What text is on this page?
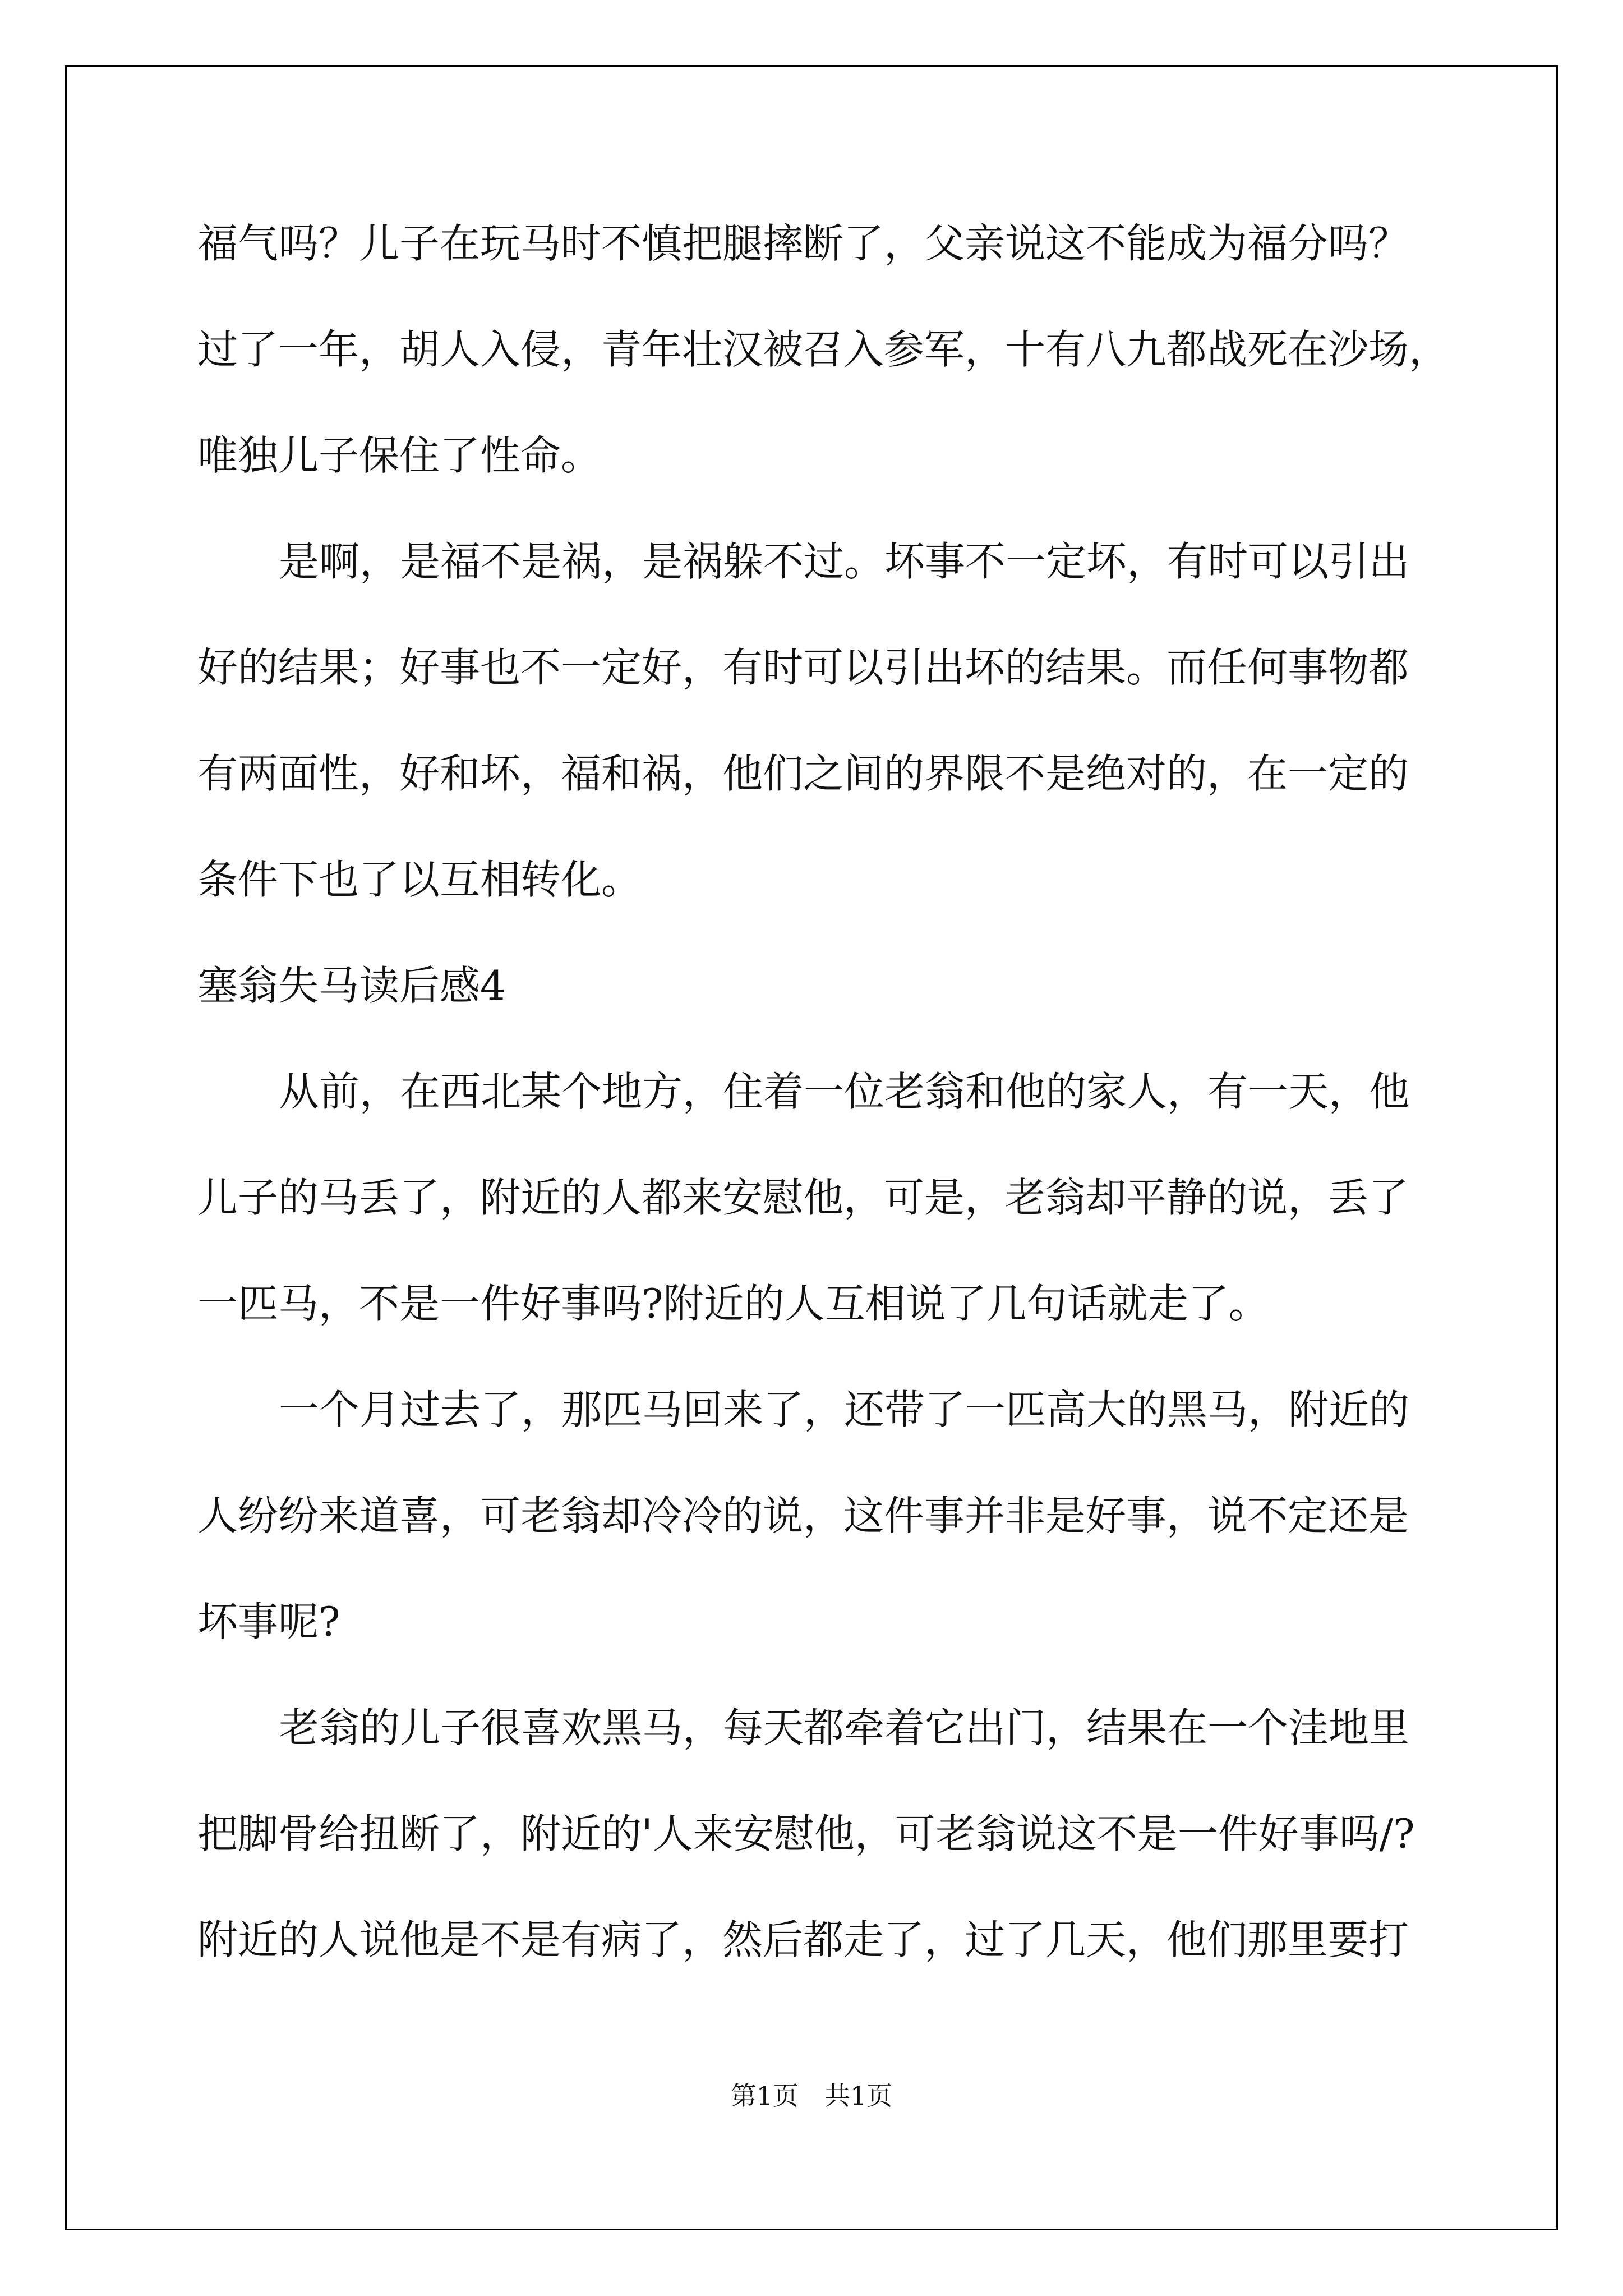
福气吗？儿子在玩马时不慎把腿摔断了，父亲说这不能成为福分吗？
过了一年，胡人入侵，青年壮汉被召入参军，十有八九都战死在沙场，
唯独儿子保住了性命。
是啊，是福不是祸，是祸躲不过。坏事不一定坏，有时可以引出
好的结果；好事也不一定好，有时可以引出坏的结果。而任何事物都
有两面性，好和坏，福和祸，他们之间的界限不是绝对的，在一定的
条件下也了以互相转化。
塞翁失马读后感4
从前，在西北某个地方，住着一位老翁和他的家人，有一天，他
儿子的马丢了，附近的人都来安慰他，可是，老翁却平静的说，丢了
一匹马，不是一件好事吗?附近的人互相说了几句话就走了。
一个月过去了，那匹马回来了，还带了一匹高大的黑马，附近的
人纷纷来道喜，可老翁却冷冷的说，这件事并非是好事，说不定还是
坏事呢?
老翁的儿子很喜欢黑马，每天都牵着它出门，结果在一个洼地里
把脚骨给扭断了，附近的'人来安慰他，可老翁说这不是一件好事吗/?
附近的人说他是不是有病了，然后都走了，过了几天，他们那里要打
第1页　共1页
